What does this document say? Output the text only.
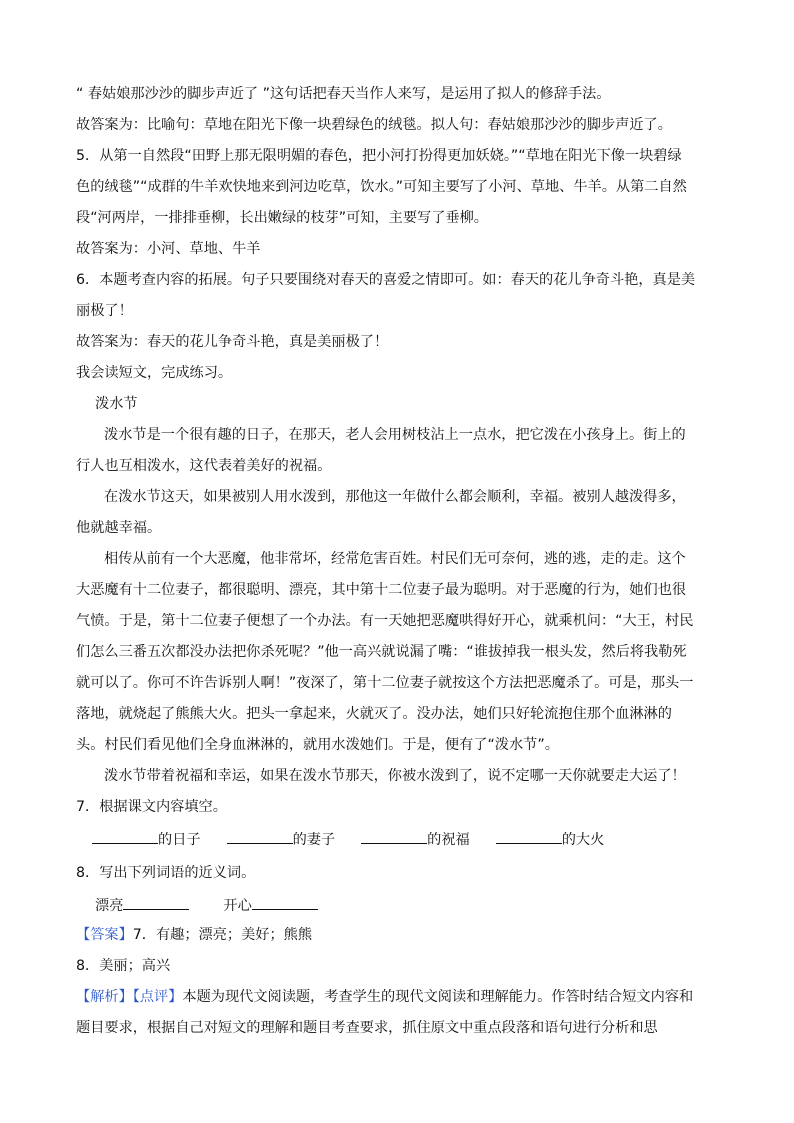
“ 春姑娘那沙沙的脚步声近了 ”这句话把春天当作人来写，是运用了拟人的修辞手法。
故答案为：比喻句：草地在阳光下像一块碧绿色的绒毯。拟人句：春姑娘那沙沙的脚步声近了。
5．从第一自然段“田野上那无限明媚的春色，把小河打扮得更加妖娆。”“草地在阳光下像一块碧绿
色的绒毯”“成群的牛羊欢快地来到河边吃草，饮水。”可知主要写了小河、草地、牛羊。从第二自然
段“河两岸，一排排垂柳，长出嫩绿的枝芽”可知，主要写了垂柳。
故答案为：小河、草地、牛羊
6．本题考查内容的拓展。句子只要围绕对春天的喜爱之情即可。如：春天的花儿争奇斗艳，真是美
丽极了！
故答案为：春天的花儿争奇斗艳，真是美丽极了！
我会读短文，完成练习。
泼水节
泼水节是一个很有趣的日子，在那天，老人会用树枝沾上一点水，把它泼在小孩身上。街上的
行人也互相泼水，这代表着美好的祝福。
在泼水节这天，如果被别人用水泼到，那他这一年做什么都会顺利，幸福。被别人越泼得多，
他就越幸福。
相传从前有一个大恶魔，他非常坏，经常危害百姓。村民们无可奈何，逃的逃，走的走。这个
大恶魔有十二位妻子，都很聪明、漂亮，其中第十二位妻子最为聪明。对于恶魔的行为，她们也很
气愤。于是，第十二位妻子便想了一个办法。有一天她把恶魔哄得好开心，就乘机问：“大王，村民
们怎么三番五次都没办法把你杀死呢？”他一高兴就说漏了嘴：“谁拔掉我一根头发，然后将我勒死
就可以了。你可不许告诉别人啊！”夜深了，第十二位妻子就按这个方法把恶魔杀了。可是，那头一
落地，就烧起了熊熊大火。把头一拿起来，火就灭了。没办法，她们只好轮流抱住那个血淋淋的
头。村民们看见他们全身血淋淋的，就用水泼她们。于是，便有了“泼水节”。
泼水节带着祝福和幸运，如果在泼水节那天，你被水泼到了，说不定哪一天你就要走大运了！
7．根据课文内容填空。
的日子	的妻子	的祝福	的大火
8．写出下列词语的近义词。
漂亮	开心
【答案】7．有趣；漂亮；美好；熊熊
8．美丽；高兴
【解析】【点评】本题为现代文阅读题，考查学生的现代文阅读和理解能力。作答时结合短文内容和
题目要求，根据自己对短文的理解和题目考查要求，抓住原文中重点段落和语句进行分析和思
